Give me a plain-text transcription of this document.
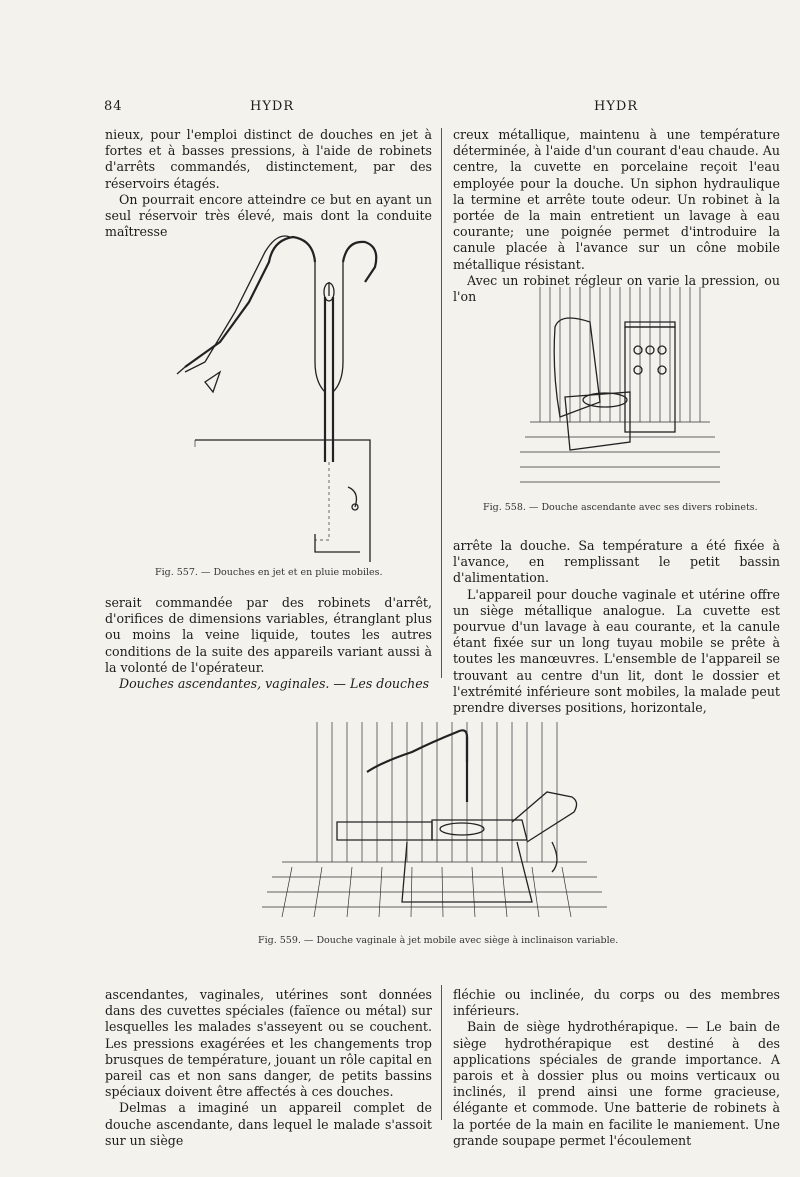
84	HYDR	HYDR

nieux, pour l'emploi distinct de douches en jet à fortes et à basses pressions, à l'aide de robinets d'arrêts commandés, distinctement, par des réservoirs étagés.

On pourrait encore atteindre ce but en ayant un seul réservoir très élevé, mais dont la conduite maîtresse

creux métallique, maintenu à une température déterminée, à l'aide d'un courant d'eau chaude. Au centre, la cuvette en porcelaine reçoit l'eau employée pour la douche. Un siphon hydraulique la termine et arrête toute odeur. Un robinet à la portée de la main entretient un lavage à eau courante; une poignée permet d'introduire la canule placée à l'avance sur un cône mobile métallique résistant.

Avec un robinet régleur on varie la pression, ou l'on

Fig. 557. — Douches en jet et en pluie mobiles.
Fig. 558. — Douche ascendante avec ses divers robinets.

serait commandée par des robinets d'arrêt, d'orifices de dimensions variables, étranglant plus ou moins la veine liquide, toutes les autres conditions de la suite des appareils variant aussi à la volonté de l'opérateur.

Douches ascendantes, vaginales. — Les douches

arrête la douche. Sa température a été fixée à l'avance, en remplissant le petit bassin d'alimentation.

L'appareil pour douche vaginale et utérine offre un siège métallique analogue. La cuvette est pourvue d'un lavage à eau courante, et la canule étant fixée sur un long tuyau mobile se prête à toutes les manœuvres. L'ensemble de l'appareil se trouvant au centre d'un lit, dont le dossier et l'extrémité inférieure sont mobiles, la malade peut prendre diverses positions, horizontale,

Fig. 559. — Douche vaginale à jet mobile avec siège à inclinaison variable.

ascendantes, vaginales, utérines sont données dans des cuvettes spéciales (faïence ou métal) sur lesquelles les malades s'asseyent ou se couchent. Les pressions exagérées et les changements trop brusques de température, jouant un rôle capital en pareil cas et non sans danger, de petits bassins spéciaux doivent être affectés à ces douches.

Delmas a imaginé un appareil complet de douche ascendante, dans lequel le malade s'assoit sur un siège

fléchie ou inclinée, du corps ou des membres inférieurs.

Bain de siège hydrothérapique. — Le bain de siège hydrothérapique est destiné à des applications spéciales de grande importance. A parois et à dossier plus ou moins verticaux ou inclinés, il prend ainsi une forme gracieuse, élégante et commode. Une batterie de robinets à la portée de la main en facilite le maniement. Une grande soupape permet l'écoulement
